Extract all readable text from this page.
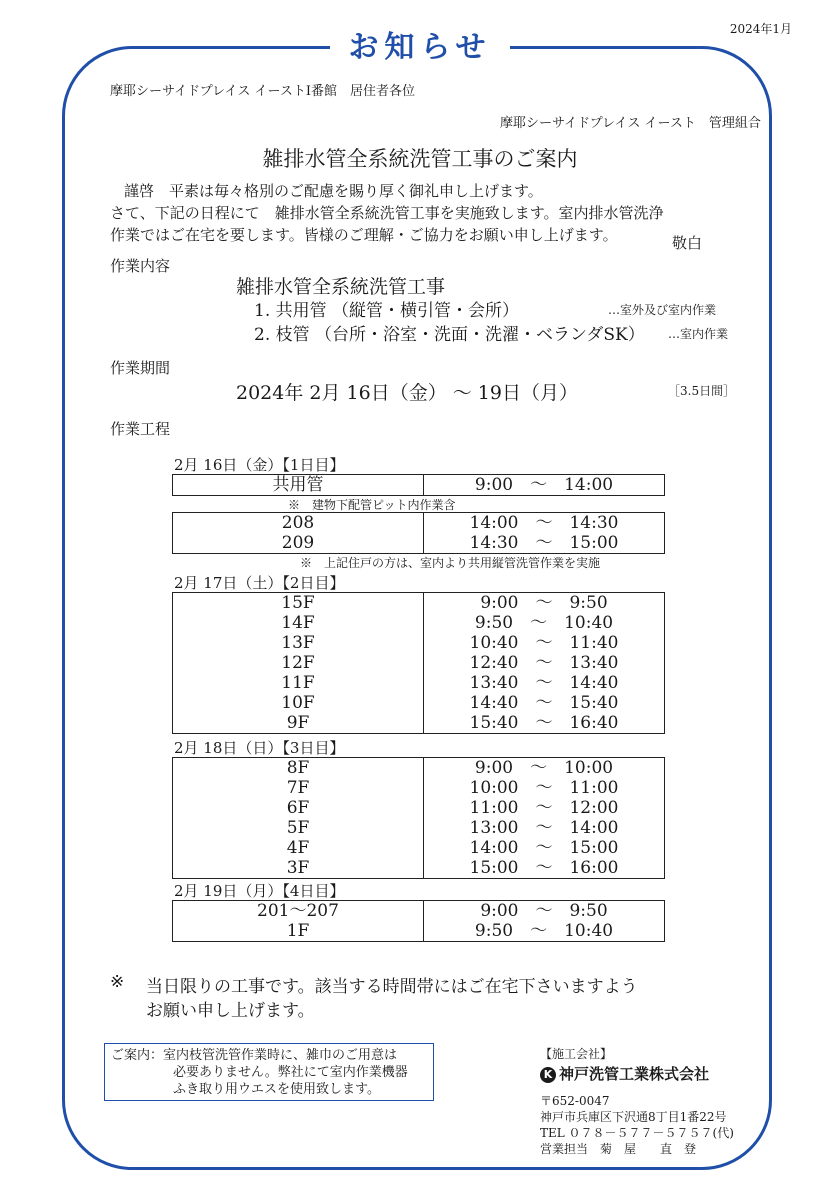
お知らせ
2024年1月
摩耶シーサイドプレイス イーストⅠ番館　居住者各位
摩耶シーサイドプレイス イースト　管理組合
雑排水管全系統洗管工事のご案内
謹啓　平素は毎々格別のご配慮を賜り厚く御礼申し上げます。
さて、下記の日程にて　雑排水管全系統洗管工事を実施致します。室内排水管洗浄
作業ではご在宅を要します。皆様のご理解・ご協力をお願い申し上げます。	敬白
作業内容
雑排水管全系統洗管工事
1. 共用管 （縦管・横引管・会所）	…室外及び室内作業
2. 枝管 （台所・浴室・洗面・洗濯・ベランダSK） …室内作業
作業期間
2024年 2月 16日（金） ～ 19日（月）	［3.5日間］
作業工程
2月 16日（金）【1日目】
共用管	9:00　～　14:00
※　建物下配管ピット内作業含
208	14:00　～　14:30
209	14:30　～　15:00
※　上記住戸の方は、室内より共用縦管洗管作業を実施
2月 17日（土）【2日目】
15F	9:00　～　9:50
14F	9:50　～　10:40
13F	10:40　～　11:40
12F	12:40　～　13:40
11F	13:40　～　14:40
10F	14:40　～　15:40
9F	15:40　～　16:40
2月 18日（日）【3日目】
8F	9:00　～　10:00
7F	10:00　～　11:00
6F	11:00　～　12:00
5F	13:00　～　14:00
4F	14:00　～　15:00
3F	15:00　～　16:00
2月 19日（月）【4日目】
201～207	9:00　～　9:50
1F	9:50　～　10:40
※ 当日限りの工事です。該当する時間帯にはご在宅下さいますよう
お願い申し上げます。
ご案内：室内枝管洗管作業時に、雑巾のご用意は
必要ありません。弊社にて室内作業機器
ふき取り用ウエスを使用致します。
【施工会社】
K 神戸洗管工業株式会社
〒652-0047
神戸市兵庫区下沢通8丁目1番22号
TEL ０７８－５７７－５７５７(代)
営業担当　菊　屋　　直　登
